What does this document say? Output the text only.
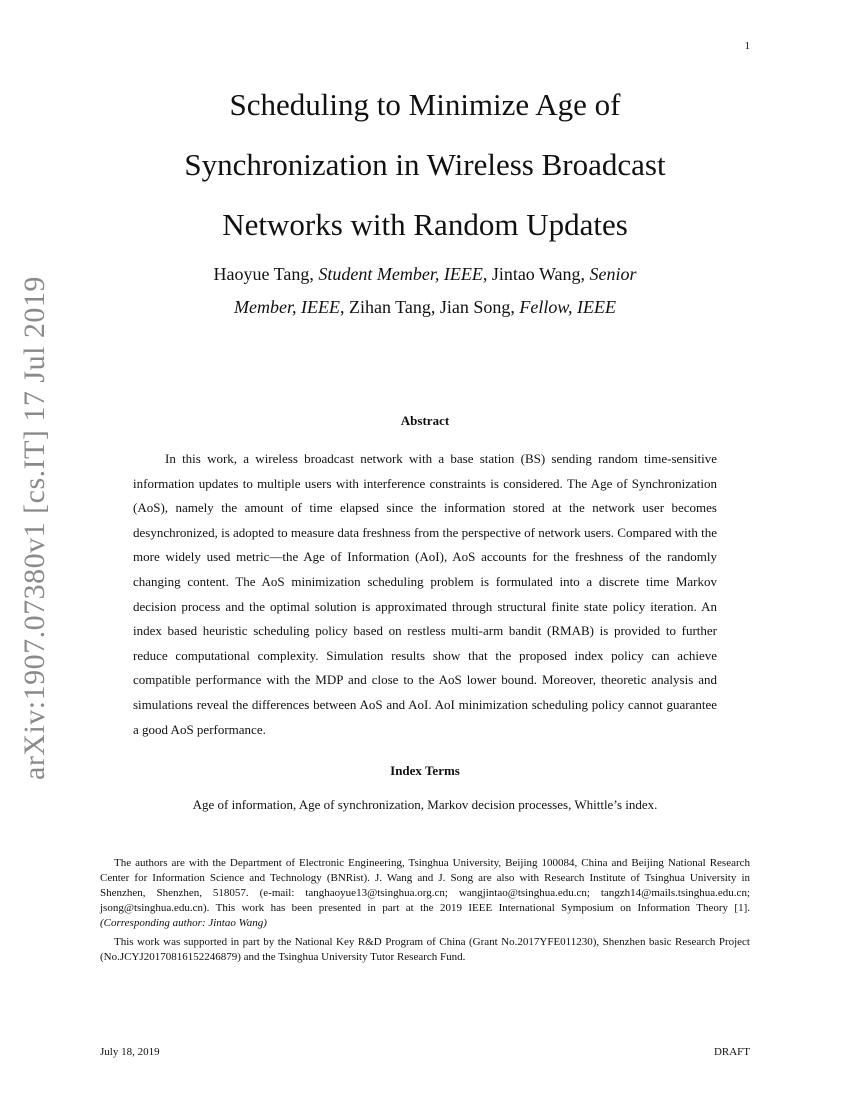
1
arXiv:1907.07380v1 [cs.IT] 17 Jul 2019
Scheduling to Minimize Age of
Synchronization in Wireless Broadcast
Networks with Random Updates
Haoyue Tang, Student Member, IEEE, Jintao Wang, Senior
Member, IEEE, Zihan Tang, Jian Song, Fellow, IEEE
Abstract

In this work, a wireless broadcast network with a base station (BS) sending random time-sensitive information updates to multiple users with interference constraints is considered. The Age of Synchronization (AoS), namely the amount of time elapsed since the information stored at the network user becomes desynchronized, is adopted to measure data freshness from the perspective of network users. Compared with the more widely used metric—the Age of Information (AoI), AoS accounts for the freshness of the randomly changing content. The AoS minimization scheduling problem is formulated into a discrete time Markov decision process and the optimal solution is approximated through structural finite state policy iteration. An index based heuristic scheduling policy based on restless multi-arm bandit (RMAB) is provided to further reduce computational complexity. Simulation results show that the proposed index policy can achieve compatible performance with the MDP and close to the AoS lower bound. Moreover, theoretic analysis and simulations reveal the differences between AoS and AoI. AoI minimization scheduling policy cannot guarantee a good AoS performance.

Index Terms
Age of information, Age of synchronization, Markov decision processes, Whittle’s index.

The authors are with the Department of Electronic Engineering, Tsinghua University, Beijing 100084, China and Beijing National Research Center for Information Science and Technology (BNRist). J. Wang and J. Song are also with Research Institute of Tsinghua University in Shenzhen, Shenzhen, 518057. (e-mail: tanghaoyue13@tsinghua.org.cn; wangjintao@tsinghua.edu.cn; tangzh14@mails.tsinghua.edu.cn; jsong@tsinghua.edu.cn). This work has been presented in part at the 2019 IEEE International Symposium on Information Theory [1]. (Corresponding author: Jintao Wang)

This work was supported in part by the National Key R&D Program of China (Grant No.2017YFE011230), Shenzhen basic Research Project (No.JCYJ20170816152246879) and the Tsinghua University Tutor Research Fund.

July 18, 2019	DRAFT
